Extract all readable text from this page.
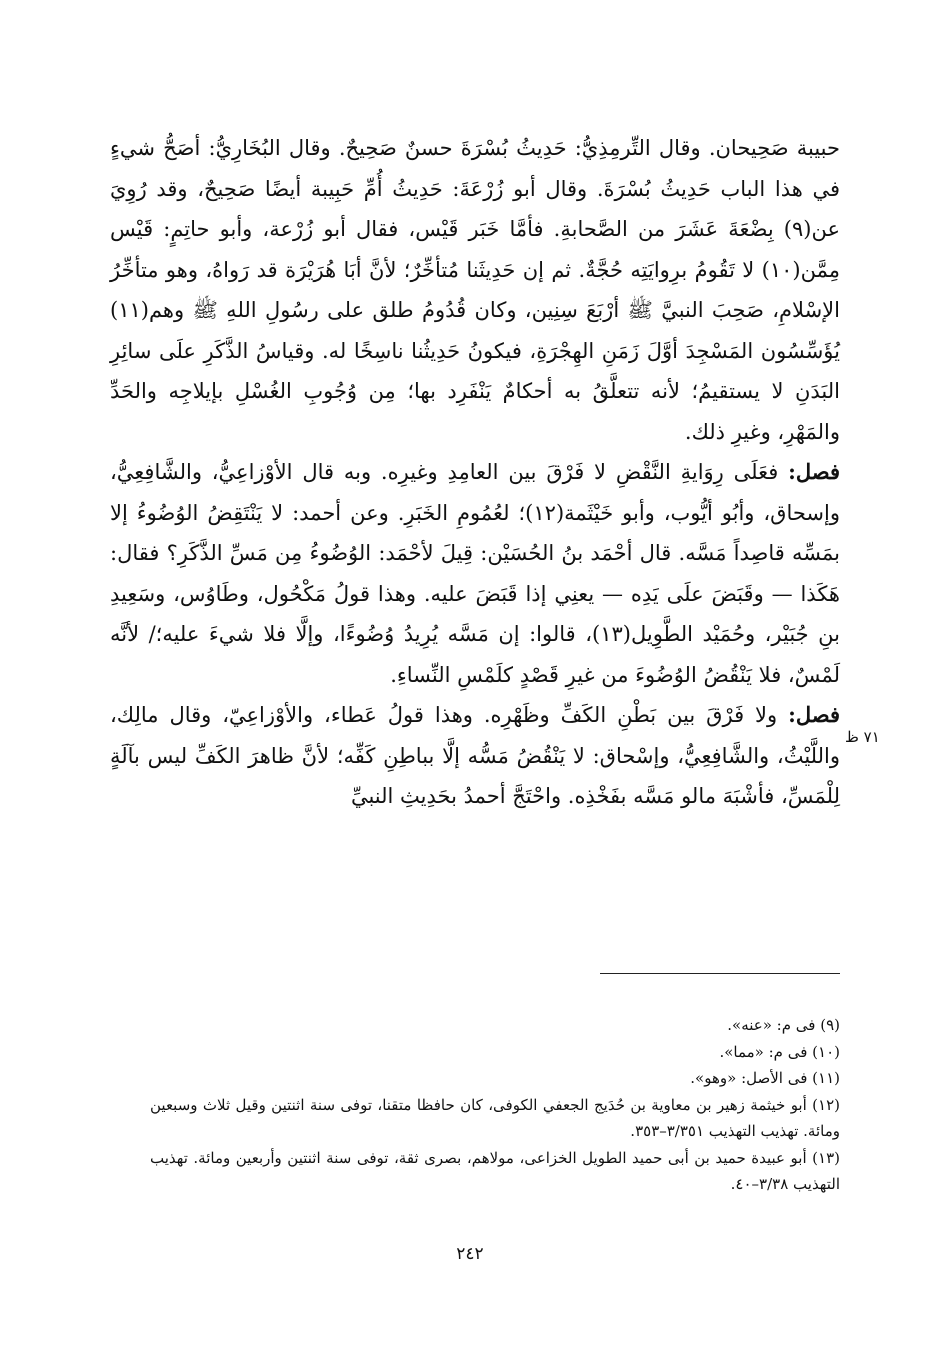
حبيبة صَحِيحان. وقال التِّرمِذِيُّ: حَدِيثُ بُسْرَةَ حسنٌ صَحِيحٌ. وقال البُخَارِيُّ: أصَحُّ شيءٍ في هذا الباب حَدِيثُ بُسْرَةَ. وقال أبو زُرْعَةَ: حَدِيثُ أُمِّ حَبِيبة أيضًا صَحِيحٌ، وقد رُوِيَ عن(٩) بِضْعَةَ عَشَرَ من الصَّحابةِ. فأمَّا خَبَر قَيْس، فقال أبو زُرْعة، وأبو حاتِمٍ: قَيْس مِمَّن(١٠) لا تَقُومُ برِوايَتِه حُجَّةٌ. ثم إن حَدِيثَنا مُتأخِّرٌ؛ لأنَّ أبَا هُرَيْرَة قد رَواهُ، وهو متأخِّرُ الإسْلامِ، صَحِبَ النبيَّ ﷺ أرْبَعَ سِنِين، وكان قُدُومُ طلق على رسُولِ اللهِ ﷺ وهم(١١) يُؤَسِّسُون المَسْجِدَ أوَّلَ زَمَنِ الهِجْرَةِ، فيكونُ حَدِيثُنا ناسِخًا له. وقياسُ الذَّكَرِ علَى سائِرِ البَدَنِ لا يستقيمُ؛ لأنه تتعلَّقُ به أحكامٌ يَنْفَرِد بها؛ مِن وُجُوبِ الغُسْلِ بإيلاجِه والحَدِّ والمَهْرِ، وغيرِ ذلك.

فصل: فعَلَى رِوَايةِ النَّقْضِ لا فَرْقَ بين العامِدِ وغيرِه. وبه قال الأوْزاعِيُّ، والشَّافِعِيُّ، وإسحاق، وأبُو أيُّوب، وأبو خَيْثَمة(١٢)؛ لعُمُومِ الخَبَرِ. وعن أحمد: لا يَنْتَقِضُ الوُضُوءُ إلا بمَسِّه قاصِداً مَسَّه. قال أحْمَد بنُ الحُسَيْن: قِيلَ لأحْمَد: الوُضُوءُ مِن مَسِّ الذَّكَرِ؟ فقال: هَكَذا — وقَبَضَ علَى يَدِه — يعنِي إذا قَبَضَ عليه. وهذا قولُ مَكْحُول، وطَاوُس، وسَعِيدِ بنِ جُبَيْر، وحُمَيْد الطَّوِيل(١٣)، قالوا: إن مَسَّه يُرِيدُ وُضُوءًا، وإلَّا فلا شيءَ عليه؛/ لأنَّه لَمْسٌ، فلا يَنْقُضُ الوُضُوءَ من غيرِ قَصْدٍ كلَمْسِ النِّساءِ.

فصل: ولا فَرْقَ بين بَطْنِ الكَفِّ وظَهْرِه. وهذا قولُ عَطاء، والأوْزاعِيّ، وقال مالِك، واللَّيْثُ، والشَّافِعِيُّ، وإسْحاق: لا يَنْقُضُ مَسُّه إلَّا بباطِنِ كَفِّه؛ لأنَّ ظاهرَ الكَفِّ ليس بآلَةٍ لِلْمَسِّ، فأشْبَهَ مالو مَسَّه بفَخْذِه. واحْتَجَّ أحمدُ بحَدِيثِ النبيِّ

٧١ ظ

(٩) فى م: «عنه».

(١٠) فى م: «مما».

(١١) فى الأصل: «وهو».

(١٢) أبو خيثمة زهير بن معاوية بن حُدَيج الجعفي الكوفى، كان حافظا متقنا، توفى سنة اثنتين وقيل ثلاث وسبعين ومائة. تهذيب التهذيب ٣/٣٥١–٣٥٣.

(١٣) أبو عبيدة حميد بن أبى حميد الطويل الخزاعى، مولاهم، بصرى ثقة، توفى سنة اثنتين وأربعين ومائة. تهذيب التهذيب ٣/٣٨–٤٠.

٢٤٢
